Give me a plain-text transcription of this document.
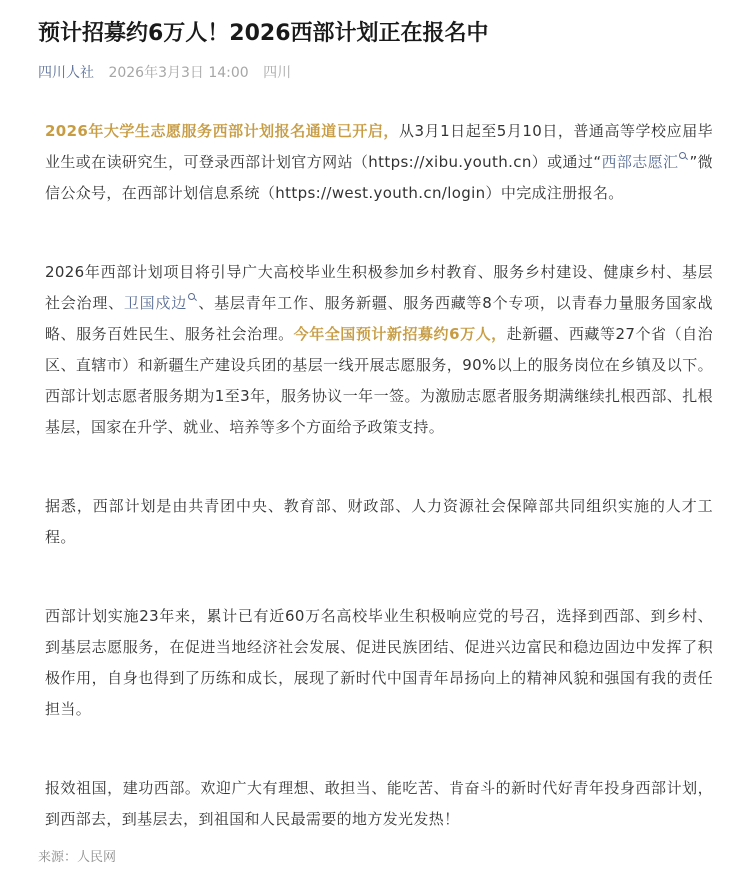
预计招募约6万人！2026西部计划正在报名中
四川人社 2026年3月3日 14:00 四川

2026年大学生志愿服务西部计划报名通道已开启，从3月1日起至5月10日，普通高等学校应届毕业生或在读研究生，可登录西部计划官方网站（https://xibu.youth.cn）或通过“西部志愿汇 ”微信公众号，在西部计划信息系统（https://west.youth.cn/login）中完成注册报名。

2026年西部计划项目将引导广大高校毕业生积极参加乡村教育、服务乡村建设、健康乡村、基层社会治理、卫国戍边 、基层青年工作、服务新疆、服务西藏等8个专项，以青春力量服务国家战略、服务百姓民生、服务社会治理。今年全国预计新招募约6万人，赴新疆、西藏等27个省（自治区、直辖市）和新疆生产建设兵团的基层一线开展志愿服务，90%以上的服务岗位在乡镇及以下。西部计划志愿者服务期为1至3年，服务协议一年一签。为激励志愿者服务期满继续扎根西部、扎根基层，国家在升学、就业、培养等多个方面给予政策支持。

据悉，西部计划是由共青团中央、教育部、财政部、人力资源社会保障部共同组织实施的人才工程。

西部计划实施23年来，累计已有近60万名高校毕业生积极响应党的号召，选择到西部、到乡村、到基层志愿服务，在促进当地经济社会发展、促进民族团结、促进兴边富民和稳边固边中发挥了积极作用，自身也得到了历练和成长，展现了新时代中国青年昂扬向上的精神风貌和强国有我的责任担当。

报效祖国，建功西部。欢迎广大有理想、敢担当、能吃苦、肯奋斗的新时代好青年投身西部计划，到西部去，到基层去，到祖国和人民最需要的地方发光发热！

来源：人民网
